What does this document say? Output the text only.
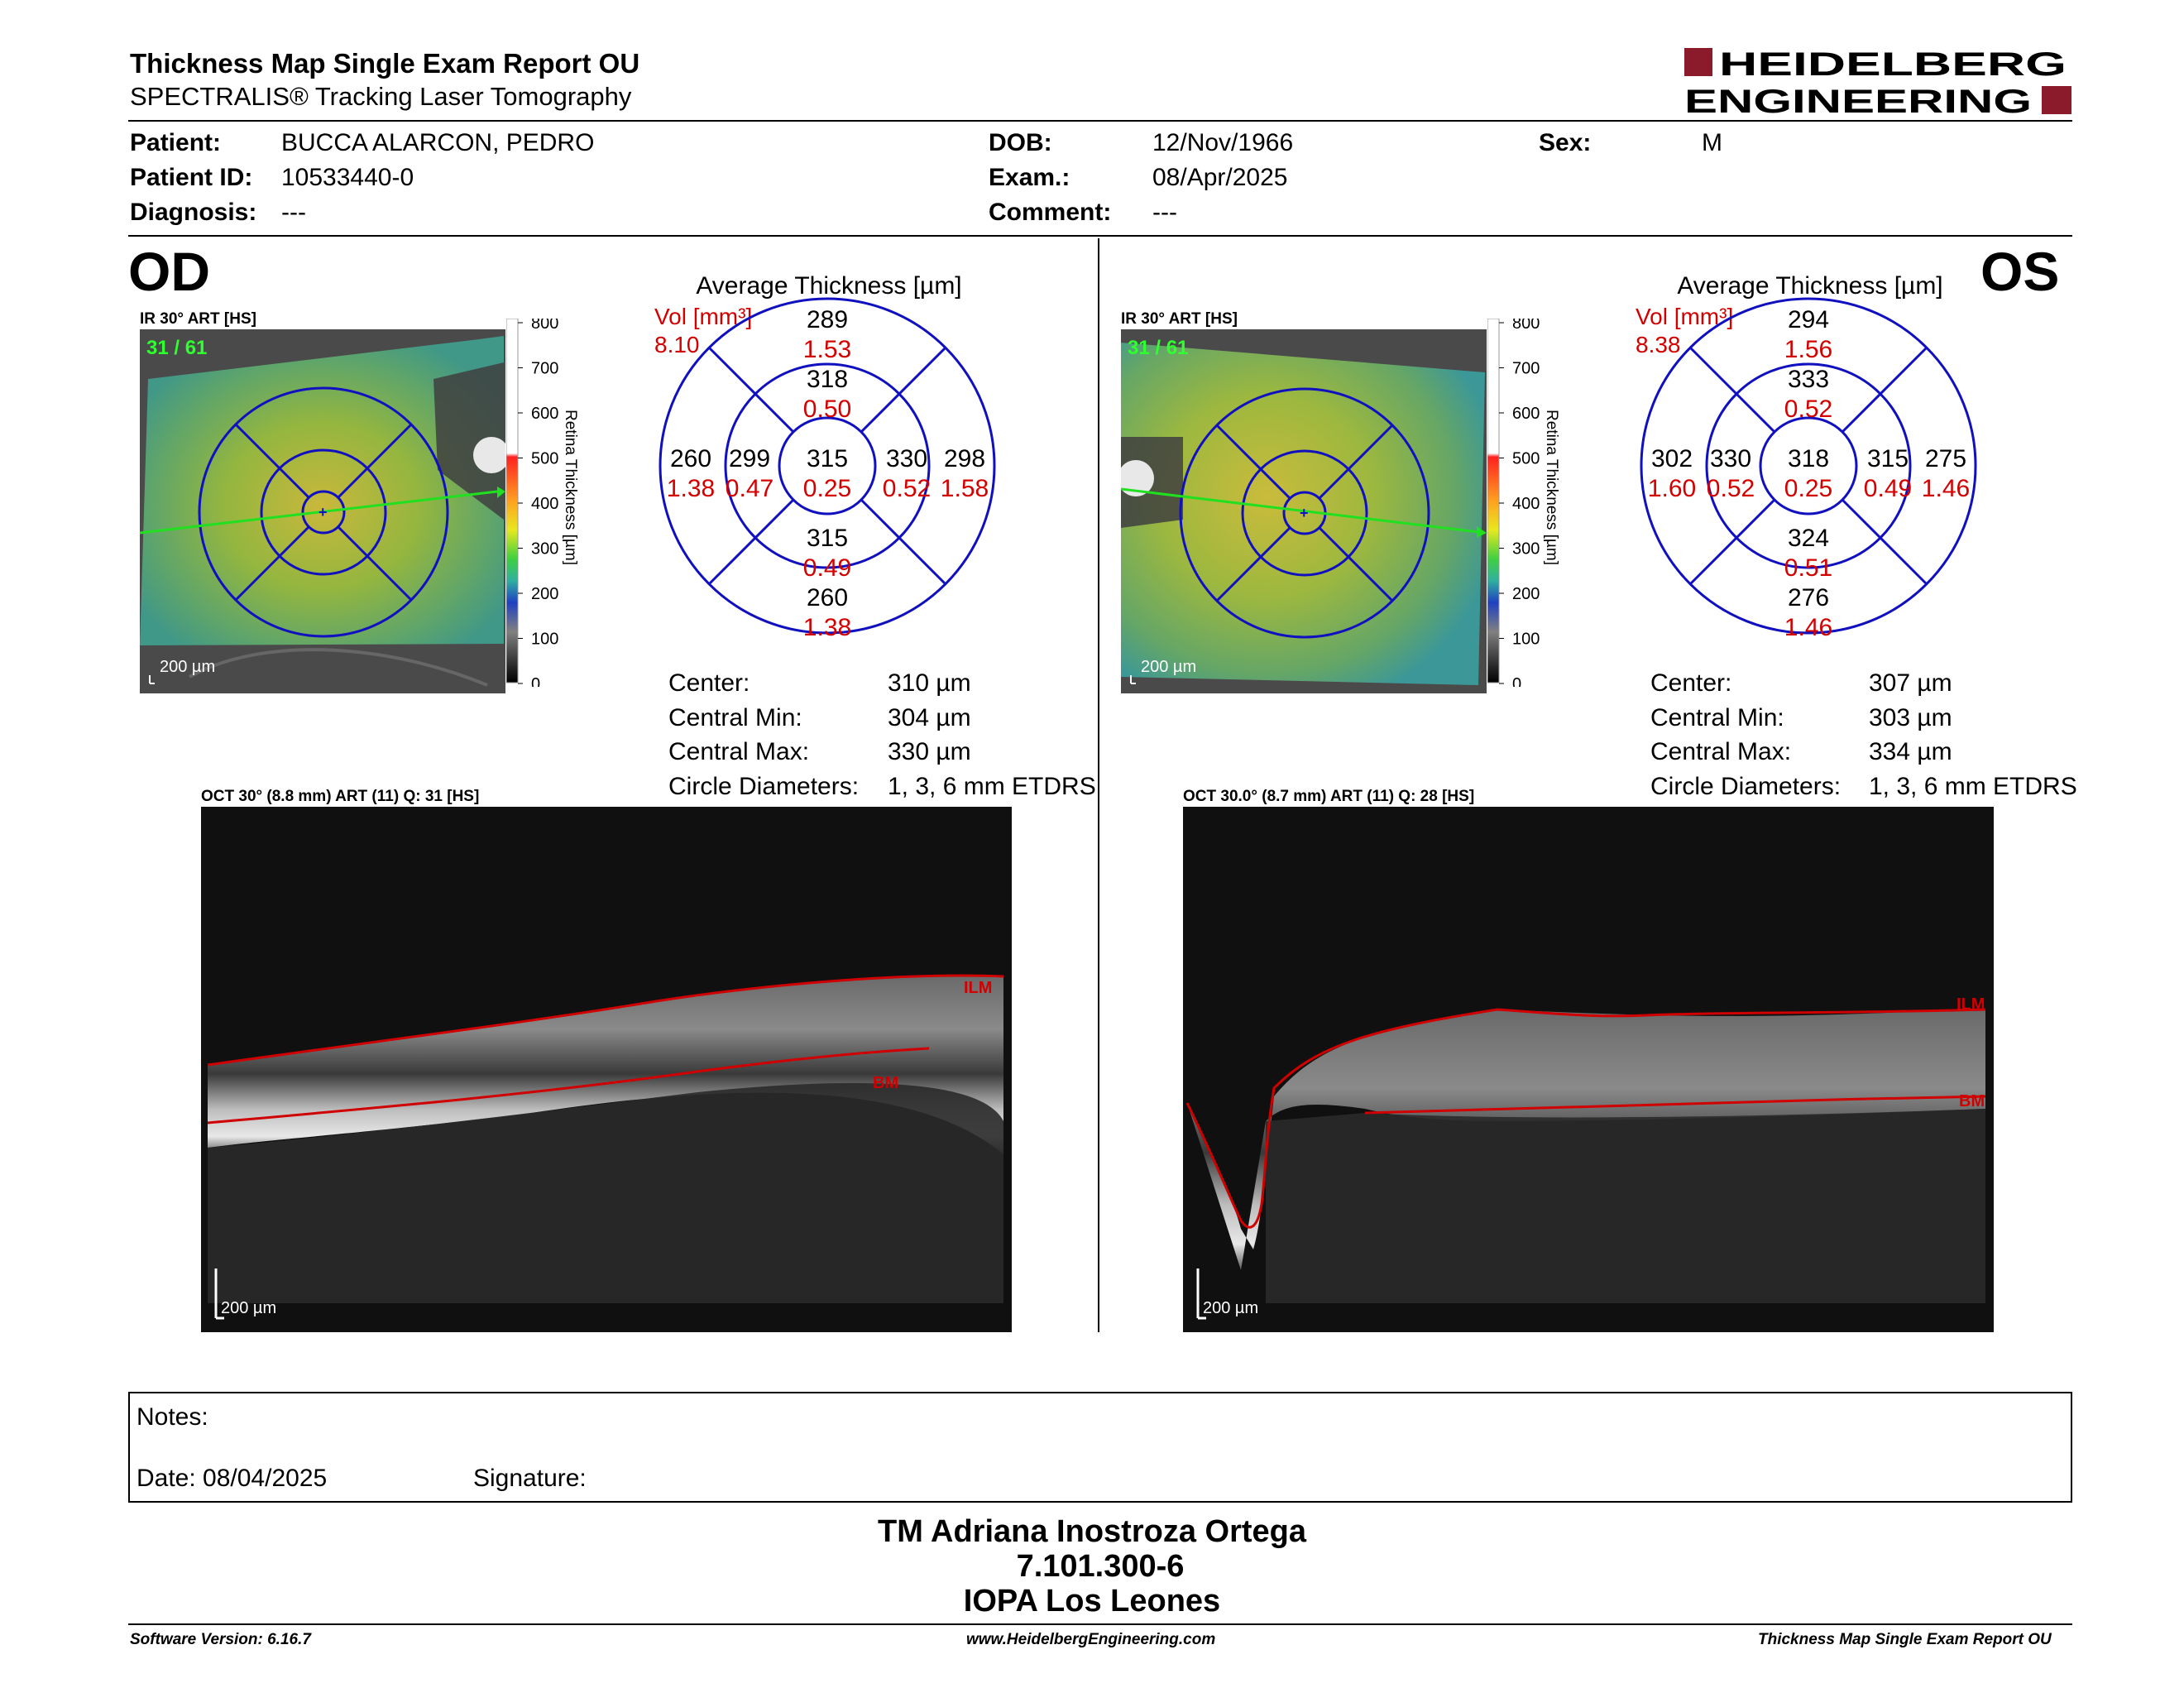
Thickness Map Single Exam Report OU
SPECTRALIS® Tracking Laser Tomography
HEIDELBERG
ENGINEERING
Patient: BUCCA ALARCON, PEDRO
Patient ID: 10533440-0
Diagnosis: ---
DOB:	12/Nov/1966
Exam.:	08/Apr/2025
Comment: ---
Sex:	M
OD
IR 30° ART [HS]
+
31 / 61
200 µm
800
700
600
500
400
300
200
100
0
Retina Thickness [µm]
Average Thickness [µm]
Vol [mm³]
8.10
289
1.53
318
0.50
315
0.25
260
1.38
299
0.47
330
0.52
298
1.58
315
0.49
260
1.38
Center:	310 µm
Central Min:	304 µm
Central Max:	330 µm
Circle Diameters: 1, 3, 6 mm ETDRS
OCT 30° (8.8 mm) ART (11) Q: 31 [HS]
ILM
BM
200 µm
OS
IR 30° ART [HS]
+
31 / 61
200 µm
800
700
600
500
400
300
200
100
0
Retina Thickness [µm]
Average Thickness [µm]
Vol [mm³]
8.38
294
1.56
333
0.52
318
0.25
302
1.60
330
0.52
315
0.49
275
1.46
324
0.51
276
1.46
Center:	307 µm
Central Min:	303 µm
Central Max:	334 µm
Circle Diameters: 1, 3, 6 mm ETDRS
OCT 30.0° (8.7 mm) ART (11) Q: 28 [HS]
ILM
BM
200 µm
Notes:
Date: 08/04/2025	Signature:
TM Adriana Inostroza Ortega
7.101.300-6
IOPA Los Leones
Software Version: 6.16.7	www.HeidelbergEngineering.com	Thickness Map Single Exam Report OU
